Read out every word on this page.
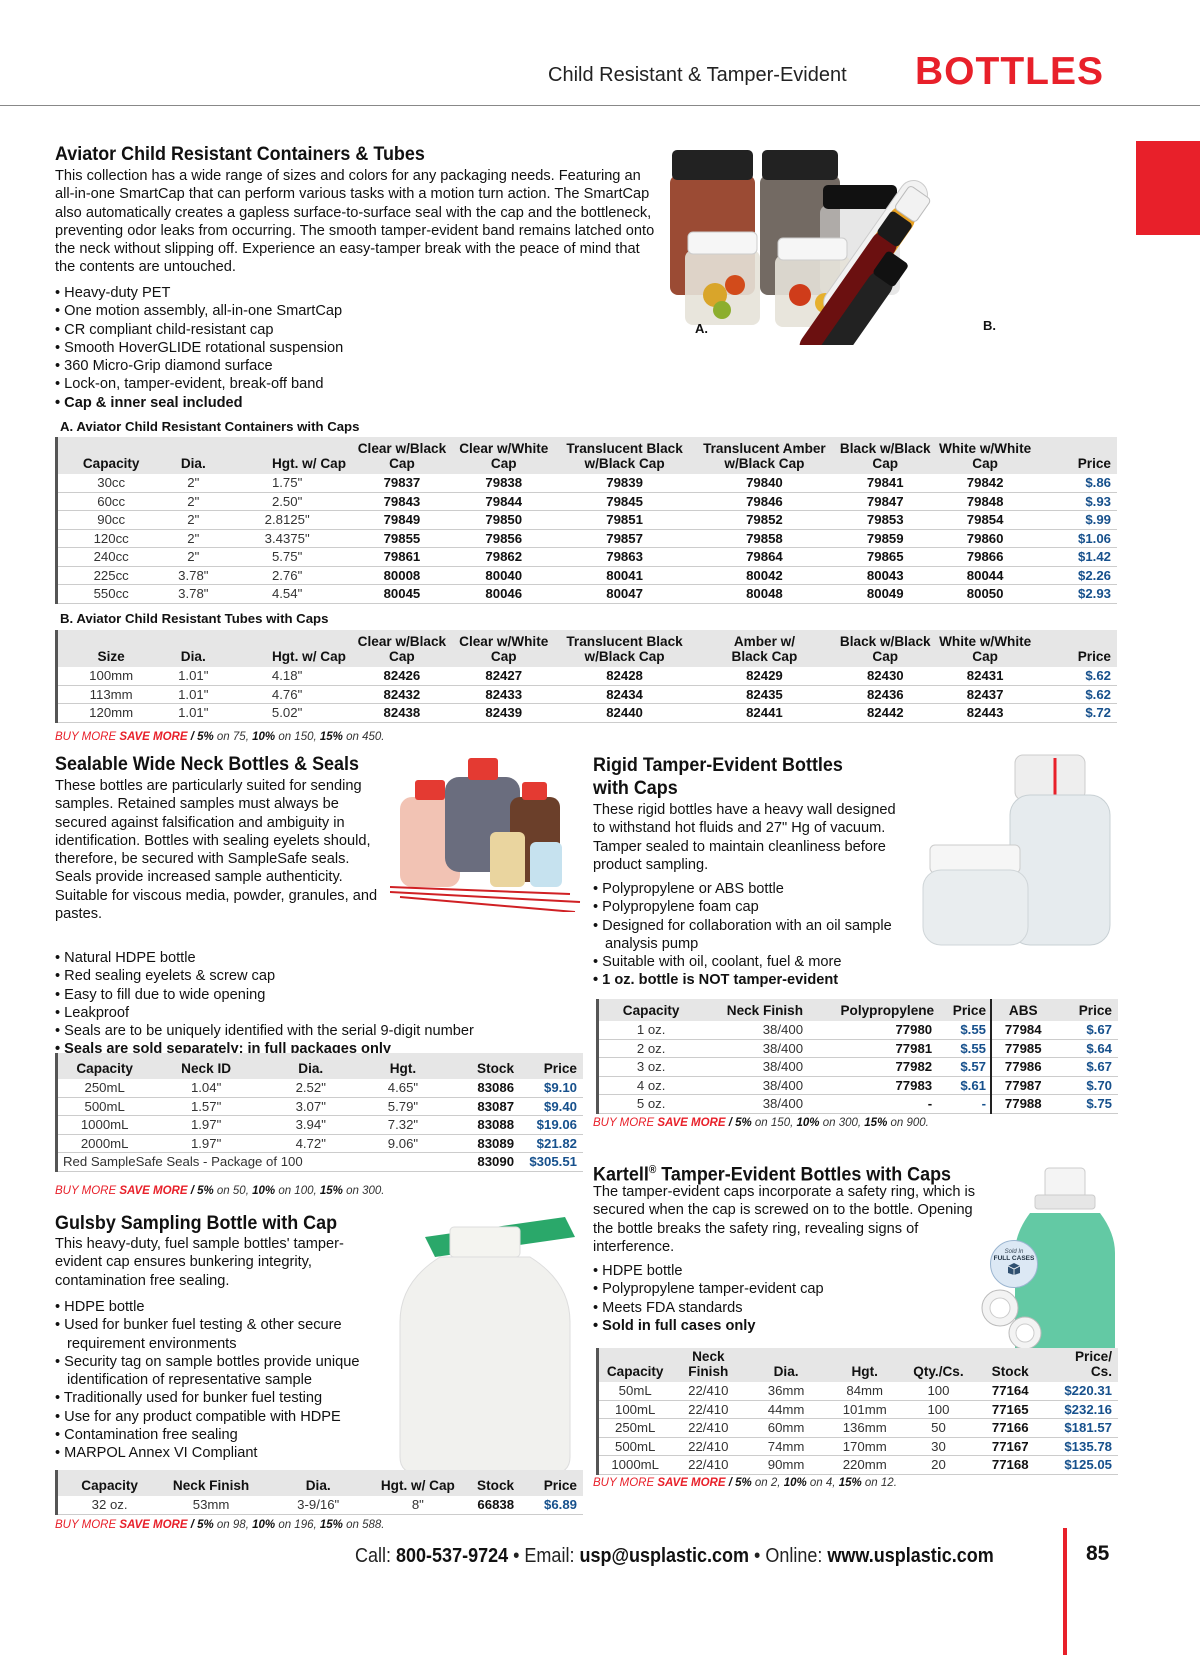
Child Resistant & Tamper-Evident BOTTLES
Aviator Child Resistant Containers & Tubes
This collection has a wide range of sizes and colors for any packaging needs. Featuring an all-in-one SmartCap that can perform various tasks with a motion turn action. The SmartCap also automatically creates a gapless surface-to-surface seal with the cap and the bottleneck, preventing odor leaks from occurring. The smooth tamper-evident band remains latched onto the neck without slipping off. Experience an easy-tamper break with the peace of mind that the contents are untouched.
• Heavy-duty PET
• One motion assembly, all-in-one SmartCap
• CR compliant child-resistant cap
• Smooth HoverGLIDE rotational suspension
• 360 Micro-Grip diamond surface
• Lock-on, tamper-evident, break-off band
• Cap & inner seal included
A.	B.
A. Aviator Child Resistant Containers with Caps
Capacity	Dia.	Hgt. w/ Cap	Clear w/Black Cap	Clear w/White Cap	Translucent Black w/Black Cap	Translucent Amber w/Black Cap	Black w/Black Cap	White w/White Cap	Price
30cc	2"	1.75"	79837	79838	79839	79840	79841	79842	$.86
60cc	2"	2.50"	79843	79844	79845	79846	79847	79848	$.93
90cc	2"	2.8125"	79849	79850	79851	79852	79853	79854	$.99
120cc	2"	3.4375"	79855	79856	79857	79858	79859	79860	$1.06
240cc	2"	5.75"	79861	79862	79863	79864	79865	79866	$1.42
225cc	3.78"	2.76"	80008	80040	80041	80042	80043	80044	$2.26
550cc	3.78"	4.54"	80045	80046	80047	80048	80049	80050	$2.93
B. Aviator Child Resistant Tubes with Caps
Size	Dia.	Hgt. w/ Cap	Clear w/Black Cap	Clear w/White Cap	Translucent Black w/Black Cap	Amber w/ Black Cap	Black w/Black Cap	White w/White Cap	Price
100mm	1.01"	4.18"	82426	82427	82428	82429	82430	82431	$.62
113mm	1.01"	4.76"	82432	82433	82434	82435	82436	82437	$.62
120mm	1.01"	5.02"	82438	82439	82440	82441	82442	82443	$.72
BUY MORE SAVE MORE / 5% on 75, 10% on 150, 15% on 450.
Sealable Wide Neck Bottles & Seals
These bottles are particularly suited for sending samples. Retained samples must always be secured against falsification and ambiguity in identification. Bottles with sealing eyelets should, therefore, be secured with SampleSafe seals. Seals provide increased sample authenticity. Suitable for viscous media, powder, granules, and pastes.
• Natural HDPE bottle
• Red sealing eyelets & screw cap
• Easy to fill due to wide opening
• Leakproof
• Seals are to be uniquely identified with the serial 9-digit number
• Seals are sold separately; in full packages only
Capacity	Neck ID	Dia.	Hgt.	Stock	Price
250mL	1.04"	2.52"	4.65"	83086	$9.10
500mL	1.57"	3.07"	5.79"	83087	$9.40
1000mL	1.97"	3.94"	7.32"	83088	$19.06
2000mL	1.97"	4.72"	9.06"	83089	$21.82
Red SampleSafe Seals - Package of 100				83090	$305.51
BUY MORE SAVE MORE / 5% on 50, 10% on 100, 15% on 300.
Gulsby Sampling Bottle with Cap
This heavy-duty, fuel sample bottles' tamper-evident cap ensures bunkering integrity, contamination free sealing.
• HDPE bottle
• Used for bunker fuel testing & other secure requirement environments
• Security tag on sample bottles provide unique identification of representative sample
• Traditionally used for bunker fuel testing
• Use for any product compatible with HDPE
• Contamination free sealing
• MARPOL Annex VI Compliant
Capacity	Neck Finish	Dia.	Hgt. w/ Cap	Stock	Price
32 oz.	53mm	3-9/16"	8"	66838	$6.89
BUY MORE SAVE MORE / 5% on 98, 10% on 196, 15% on 588.
Rigid Tamper-Evident Bottles
with Caps
These rigid bottles have a heavy wall designed to withstand hot fluids and 27" Hg of vacuum. Tamper sealed to maintain cleanliness before product sampling.
• Polypropylene or ABS bottle
• Polypropylene foam cap
• Designed for collaboration with an oil sample analysis pump
• Suitable with oil, coolant, fuel & more
• 1 oz. bottle is NOT tamper-evident
Capacity	Neck Finish	Polypropylene	Price	ABS	Price
1 oz.	38/400	77980	$.55	77984	$.67
2 oz.	38/400	77981	$.55	77985	$.64
3 oz.	38/400	77982	$.57	77986	$.67
4 oz.	38/400	77983	$.61	77987	$.70
5 oz.	38/400	-	-	77988	$.75
BUY MORE SAVE MORE / 5% on 150, 10% on 300, 15% on 900.
Kartell® Tamper-Evident Bottles with Caps
The tamper-evident caps incorporate a safety ring, which is secured when the cap is screwed on to the bottle. Opening the bottle breaks the safety ring, revealing signs of interference.
• HDPE bottle
• Polypropylene tamper-evident cap
• Meets FDA standards
• Sold in full cases only
Sold In
FULL CASES
Capacity	Neck Finish	Dia.	Hgt.	Qty./Cs.	Stock	Price/ Cs.
50mL	22/410	36mm	84mm	100	77164	$220.31
100mL	22/410	44mm	101mm	100	77165	$232.16
250mL	22/410	60mm	136mm	50	77166	$181.57
500mL	22/410	74mm	170mm	30	77167	$135.78
1000mL	22/410	90mm	220mm	20	77168	$125.05
BUY MORE SAVE MORE / 5% on 2, 10% on 4, 15% on 12.
Call: 800-537-9724 • Email: usp@usplastic.com • Online: www.usplastic.com	85
